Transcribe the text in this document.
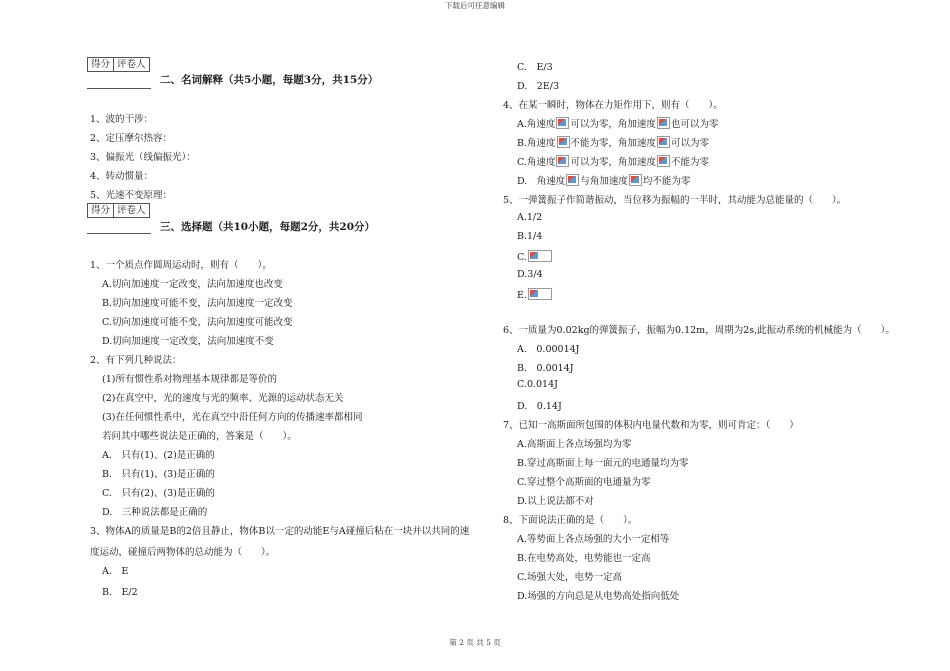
下载后可任意编辑
第 2 页 共 5 页
得分 评卷人
二、名词解释（共5小题，每题3分，共15分）
1、波的干涉：
2、定压摩尔热容：
3、偏振光（线偏振光）：
4、转动惯量：
5、光速不变原理：
得分 评卷人
三、选择题（共10小题，每题2分，共20分）
1、一个质点作圆周运动时，则有（　　）。
A.切向加速度一定改变，法向加速度也改变
B.切向加速度可能不变，法向加速度一定改变
C.切向加速度可能不变，法向加速度可能改变
D.切向加速度一定改变，法向加速度不变
2、有下列几种说法：
(1)所有惯性系对物理基本规律都是等价的
(2)在真空中，光的速度与光的频率、光源的运动状态无关
(3)在任何惯性系中，光在真空中沿任何方向的传播速率都相同
若问其中哪些说法是正确的，答案是（　　）。
A.　只有(1)、(2)是正确的
B.　只有(1)、(3)是正确的
C.　只有(2)、(3)是正确的
D.　三种说法都是正确的
3、物体A的质量是B的2倍且静止，物体B以一定的动能E与A碰撞后粘在一块并以共同的速
度运动，碰撞后两物体的总动能为（　　）。
A.　E
B.　E/2
C.　E/3
D.　2E/3
4、在某一瞬时，物体在力矩作用下，则有（　　）。
A.角速度 可以为零，角加速度 也可以为零
B.角速度 不能为零，角加速度 可以为零
C.角速度 可以为零，角加速度 不能为零
D.　角速度 与角加速度 均不能为零
5、一弹簧振子作简谐振动，当位移为振幅的一半时，其动能为总能量的（　　）。
A.1/2
B.1/4
C.
D.3/4
E.
6、一质量为0.02kg的弹簧振子，振幅为0.12m，周期为2s,此振动系统的机械能为（　　）。
A.　0.00014J
B.　0.0014J
C.0.014J
D.　0.14J
7、已知一高斯面所包围的体积内电量代数和为零，则可肯定：（　　）
A.高斯面上各点场强均为零
B.穿过高斯面上每一面元的电通量均为零
C.穿过整个高斯面的电通量为零
D.以上说法都不对
8、下面说法正确的是（　　）。
A.等势面上各点场强的大小一定相等
B.在电势高处，电势能也一定高
C.场强大处，电势一定高
D.场强的方向总是从电势高处指向低处
